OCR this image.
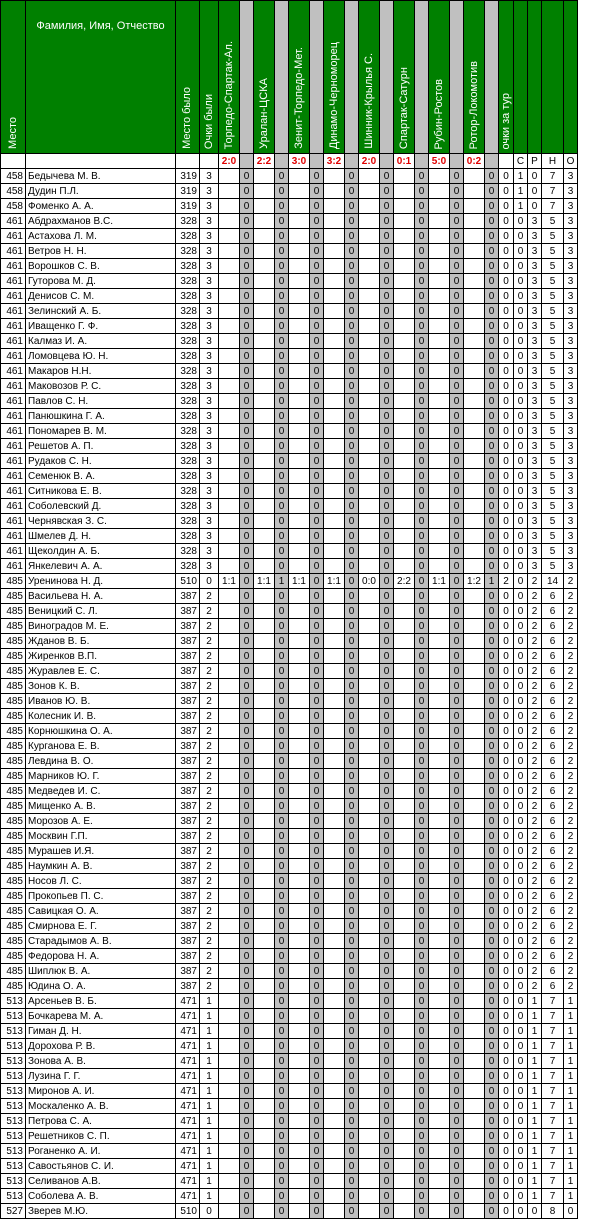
Место	Фамилия, Имя, Отчество	Место было	Очки были	Торпедо-Спартак-Ал.		Уралан-ЦСКА		Зенит-Торпедо-Мет.		Динамо-Черноморец		Шинник-Крылья С.		Спартак-Сатурн		Рубин-Ростов		Ротор-Локомотив		очки за тур				
				2:0		2:2		3:0		3:2		2:0		0:1		5:0		0:2			С	Р	Н	О
458	Бедычева М. В.	319	3		0		0		0		0		0		0		0		0	0	1	0	7	3
458	Дудин П.Л.	319	3		0		0		0		0		0		0		0		0	0	1	0	7	3
458	Фоменко А. А.	319	3		0		0		0		0		0		0		0		0	0	1	0	7	3
461	Абдрахманов В.С.	328	3		0		0		0		0		0		0		0		0	0	0	3	5	3
461	Астахова Л. М.	328	3		0		0		0		0		0		0		0		0	0	0	3	5	3
461	Ветров Н. Н.	328	3		0		0		0		0		0		0		0		0	0	0	3	5	3
461	Ворошков С. В.	328	3		0		0		0		0		0		0		0		0	0	0	3	5	3
461	Гуторова М. Д.	328	3		0		0		0		0		0		0		0		0	0	0	3	5	3
461	Денисов С. М.	328	3		0		0		0		0		0		0		0		0	0	0	3	5	3
461	Зелинский А. Б.	328	3		0		0		0		0		0		0		0		0	0	0	3	5	3
461	Иващенко Г. Ф.	328	3		0		0		0		0		0		0		0		0	0	0	3	5	3
461	Калмаз И. А.	328	3		0		0		0		0		0		0		0		0	0	0	3	5	3
461	Ломовцева Ю. Н.	328	3		0		0		0		0		0		0		0		0	0	0	3	5	3
461	Макаров Н.Н.	328	3		0		0		0		0		0		0		0		0	0	0	3	5	3
461	Маковозов Р. С.	328	3		0		0		0		0		0		0		0		0	0	0	3	5	3
461	Павлов С. Н.	328	3		0		0		0		0		0		0		0		0	0	0	3	5	3
461	Панюшкина Г. А.	328	3		0		0		0		0		0		0		0		0	0	0	3	5	3
461	Пономарев В. М.	328	3		0		0		0		0		0		0		0		0	0	0	3	5	3
461	Решетов А. П.	328	3		0		0		0		0		0		0		0		0	0	0	3	5	3
461	Рудаков С. Н.	328	3		0		0		0		0		0		0		0		0	0	0	3	5	3
461	Семенюк В. А.	328	3		0		0		0		0		0		0		0		0	0	0	3	5	3
461	Ситникова Е. В.	328	3		0		0		0		0		0		0		0		0	0	0	3	5	3
461	Соболевский Д.	328	3		0		0		0		0		0		0		0		0	0	0	3	5	3
461	Чернявская З. С.	328	3		0		0		0		0		0		0		0		0	0	0	3	5	3
461	Шмелев Д. Н.	328	3		0		0		0		0		0		0		0		0	0	0	3	5	3
461	Щеколдин А. Б.	328	3		0		0		0		0		0		0		0		0	0	0	3	5	3
461	Янкелевич А. А.	328	3		0		0		0		0		0		0		0		0	0	0	3	5	3
485	Уренинова Н. Д.	510	0	1:1	0	1:1	1	1:1	0	1:1	0	0:0	0	2:2	0	1:1	0	1:2	1	2	0	2	14	2
485	Васильева Н. А.	387	2		0		0		0		0		0		0		0		0	0	0	2	6	2
485	Веницкий С. Л.	387	2		0		0		0		0		0		0		0		0	0	0	2	6	2
485	Виноградов М. Е.	387	2		0		0		0		0		0		0		0		0	0	0	2	6	2
485	Жданов В. Б.	387	2		0		0		0		0		0		0		0		0	0	0	2	6	2
485	Жиренков В.П.	387	2		0		0		0		0		0		0		0		0	0	0	2	6	2
485	Журавлев Е. С.	387	2		0		0		0		0		0		0		0		0	0	0	2	6	2
485	Зонов К. В.	387	2		0		0		0		0		0		0		0		0	0	0	2	6	2
485	Иванов Ю. В.	387	2		0		0		0		0		0		0		0		0	0	0	2	6	2
485	Колесник И. В.	387	2		0		0		0		0		0		0		0		0	0	0	2	6	2
485	Корнюшкина О. А.	387	2		0		0		0		0		0		0		0		0	0	0	2	6	2
485	Курганова Е. В.	387	2		0		0		0		0		0		0		0		0	0	0	2	6	2
485	Левдина В. О.	387	2		0		0		0		0		0		0		0		0	0	0	2	6	2
485	Марников Ю. Г.	387	2		0		0		0		0		0		0		0		0	0	0	2	6	2
485	Медведев И. С.	387	2		0		0		0		0		0		0		0		0	0	0	2	6	2
485	Мищенко А. В.	387	2		0		0		0		0		0		0		0		0	0	0	2	6	2
485	Морозов А. Е.	387	2		0		0		0		0		0		0		0		0	0	0	2	6	2
485	Москвин Г.П.	387	2		0		0		0		0		0		0		0		0	0	0	2	6	2
485	Мурашев И.Я.	387	2		0		0		0		0		0		0		0		0	0	0	2	6	2
485	Наумкин А. В.	387	2		0		0		0		0		0		0		0		0	0	0	2	6	2
485	Носов Л. С.	387	2		0		0		0		0		0		0		0		0	0	0	2	6	2
485	Прокопьев П. С.	387	2		0		0		0		0		0		0		0		0	0	0	2	6	2
485	Савицкая О. А.	387	2		0		0		0		0		0		0		0		0	0	0	2	6	2
485	Смирнова Е. Г.	387	2		0		0		0		0		0		0		0		0	0	0	2	6	2
485	Старадымов А. В.	387	2		0		0		0		0		0		0		0		0	0	0	2	6	2
485	Федорова Н. А.	387	2		0		0		0		0		0		0		0		0	0	0	2	6	2
485	Шиплюк В. А.	387	2		0		0		0		0		0		0		0		0	0	0	2	6	2
485	Юдина О. А.	387	2		0		0		0		0		0		0		0		0	0	0	2	6	2
513	Арсеньев В. Б.	471	1		0		0		0		0		0		0		0		0	0	0	1	7	1
513	Бочкарева М. А.	471	1		0		0		0		0		0		0		0		0	0	0	1	7	1
513	Гиман Д. Н.	471	1		0		0		0		0		0		0		0		0	0	0	1	7	1
513	Дорохова Р. В.	471	1		0		0		0		0		0		0		0		0	0	0	1	7	1
513	Зонова А. В.	471	1		0		0		0		0		0		0		0		0	0	0	1	7	1
513	Лузина Г. Г.	471	1		0		0		0		0		0		0		0		0	0	0	1	7	1
513	Миронов А. И.	471	1		0		0		0		0		0		0		0		0	0	0	1	7	1
513	Москаленко А. В.	471	1		0		0		0		0		0		0		0		0	0	0	1	7	1
513	Петрова С. А.	471	1		0		0		0		0		0		0		0		0	0	0	1	7	1
513	Решетников С. П.	471	1		0		0		0		0		0		0		0		0	0	0	1	7	1
513	Роганенко А. И.	471	1		0		0		0		0		0		0		0		0	0	0	1	7	1
513	Савостьянов С. И.	471	1		0		0		0		0		0		0		0		0	0	0	1	7	1
513	Селиванов А.В.	471	1		0		0		0		0		0		0		0		0	0	0	1	7	1
513	Соболева А. В.	471	1		0		0		0		0		0		0		0		0	0	0	1	7	1
527	Зверев М.Ю.	510	0		0		0		0		0		0		0		0		0	0	0	0	8	0
